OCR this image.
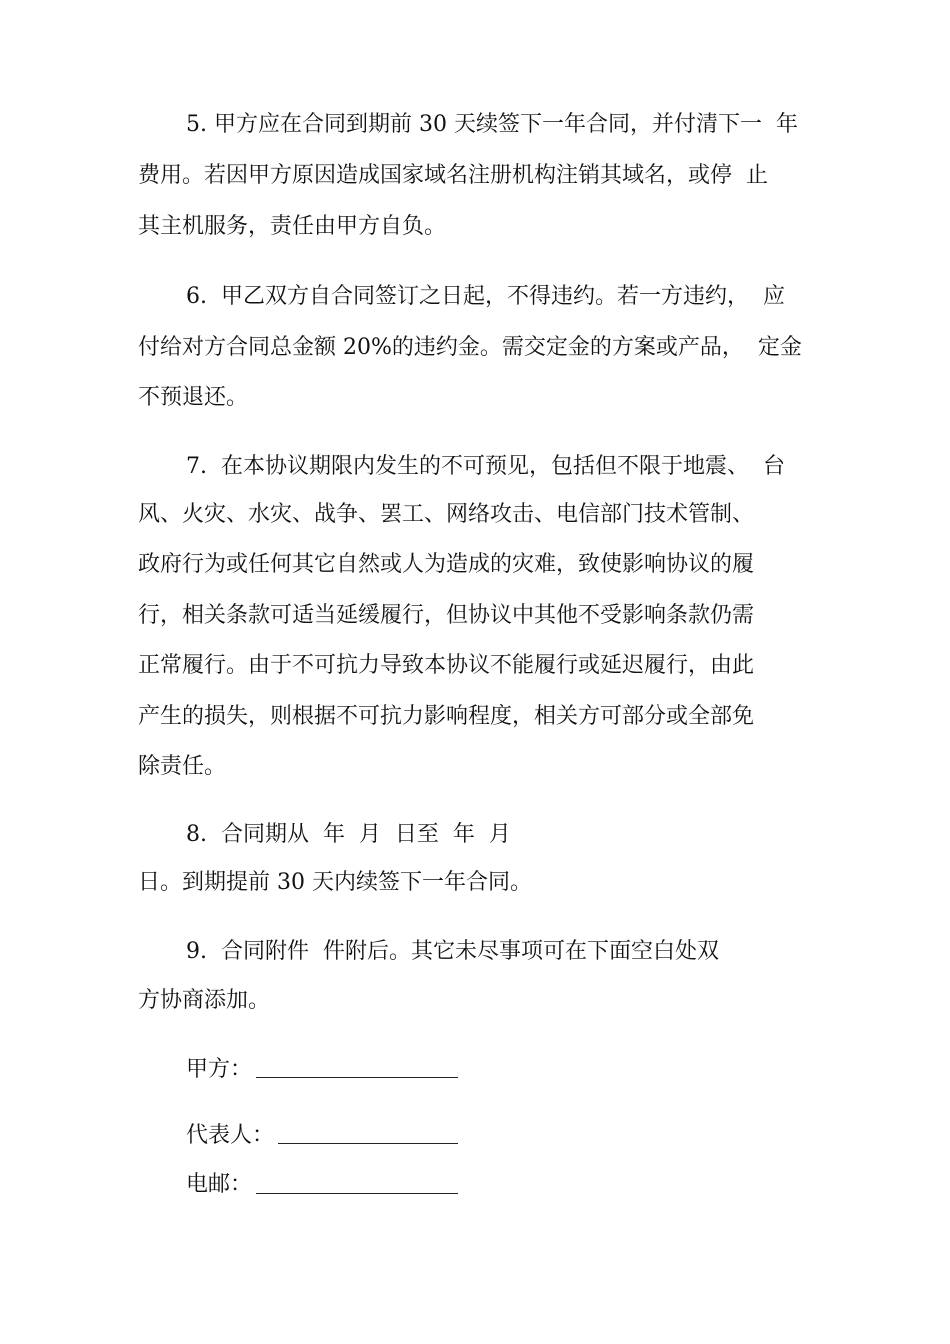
5. 甲方应在合同到期前 30 天续签下一年合同，并付清下一  年
费用。若因甲方原因造成国家域名注册机构注销其域名，或停  止
其主机服务，责任由甲方自负。
6.  甲乙双方自合同签订之日起，不得违约。若一方违约，  应
付给对方合同总金额 20%的违约金。需交定金的方案或产品，  定金
不预退还。
7.  在本协议期限内发生的不可预见，包括但不限于地震、  台
风、火灾、水灾、战争、罢工、网络攻击、电信部门技术管制、
政府行为或任何其它自然或人为造成的灾难，致使影响协议的履
行，相关条款可适当延缓履行，但协议中其他不受影响条款仍需
正常履行。由于不可抗力导致本协议不能履行或延迟履行，由此
产生的损失，则根据不可抗力影响程度，相关方可部分或全部免
除责任。
8.  合同期从  年  月  日至  年  月
日。到期提前 30 天内续签下一年合同。
9.  合同附件  件附后。其它未尽事项可在下面空白处双
方协商添加。
甲方：
代表人：
电邮：
